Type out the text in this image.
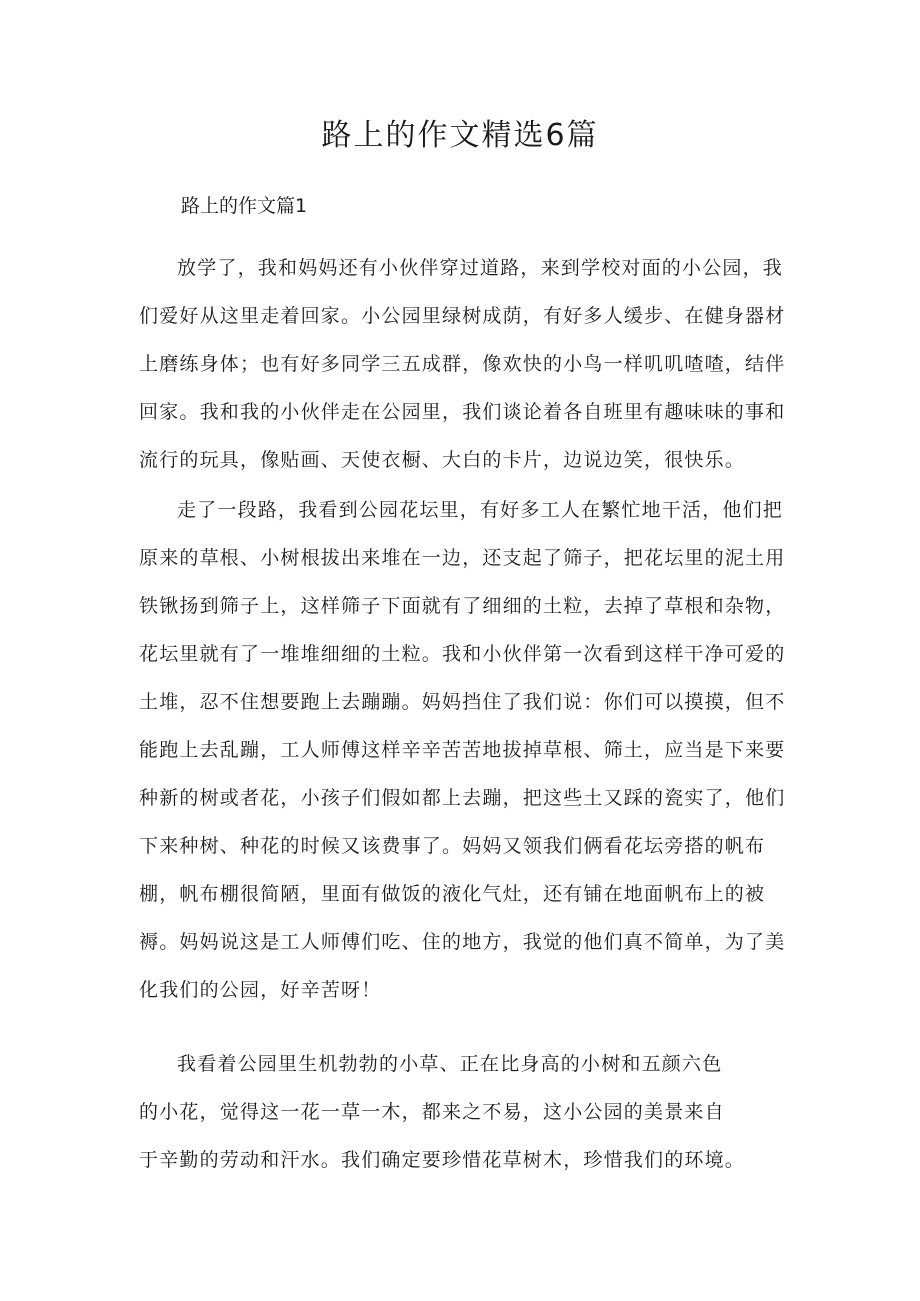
路上的作文精选6篇
路上的作文篇1
放学了，我和妈妈还有小伙伴穿过道路，来到学校对面的小公园，我
们爱好从这里走着回家。小公园里绿树成荫，有好多人缓步、在健身器材
上磨练身体；也有好多同学三五成群，像欢快的小鸟一样叽叽喳喳，结伴
回家。我和我的小伙伴走在公园里，我们谈论着各自班里有趣味味的事和
流行的玩具，像贴画、天使衣橱、大白的卡片，边说边笑，很快乐。
走了一段路，我看到公园花坛里，有好多工人在繁忙地干活，他们把
原来的草根、小树根拔出来堆在一边，还支起了筛子，把花坛里的泥土用
铁锹扬到筛子上，这样筛子下面就有了细细的土粒，去掉了草根和杂物，
花坛里就有了一堆堆细细的土粒。我和小伙伴第一次看到这样干净可爱的
土堆，忍不住想要跑上去蹦蹦。妈妈挡住了我们说：你们可以摸摸，但不
能跑上去乱蹦，工人师傅这样辛辛苦苦地拔掉草根、筛土，应当是下来要
种新的树或者花，小孩子们假如都上去蹦，把这些土又踩的瓷实了，他们
下来种树、种花的时候又该费事了。妈妈又领我们俩看花坛旁搭的帆布
棚，帆布棚很简陋，里面有做饭的液化气灶，还有铺在地面帆布上的被
褥。妈妈说这是工人师傅们吃、住的地方，我觉的他们真不简单，为了美
化我们的公园，好辛苦呀！
我看着公园里生机勃勃的小草、正在比身高的小树和五颜六色
的小花，觉得这一花一草一木，都来之不易，这小公园的美景来自
于辛勤的劳动和汗水。我们确定要珍惜花草树木，珍惜我们的环境。
